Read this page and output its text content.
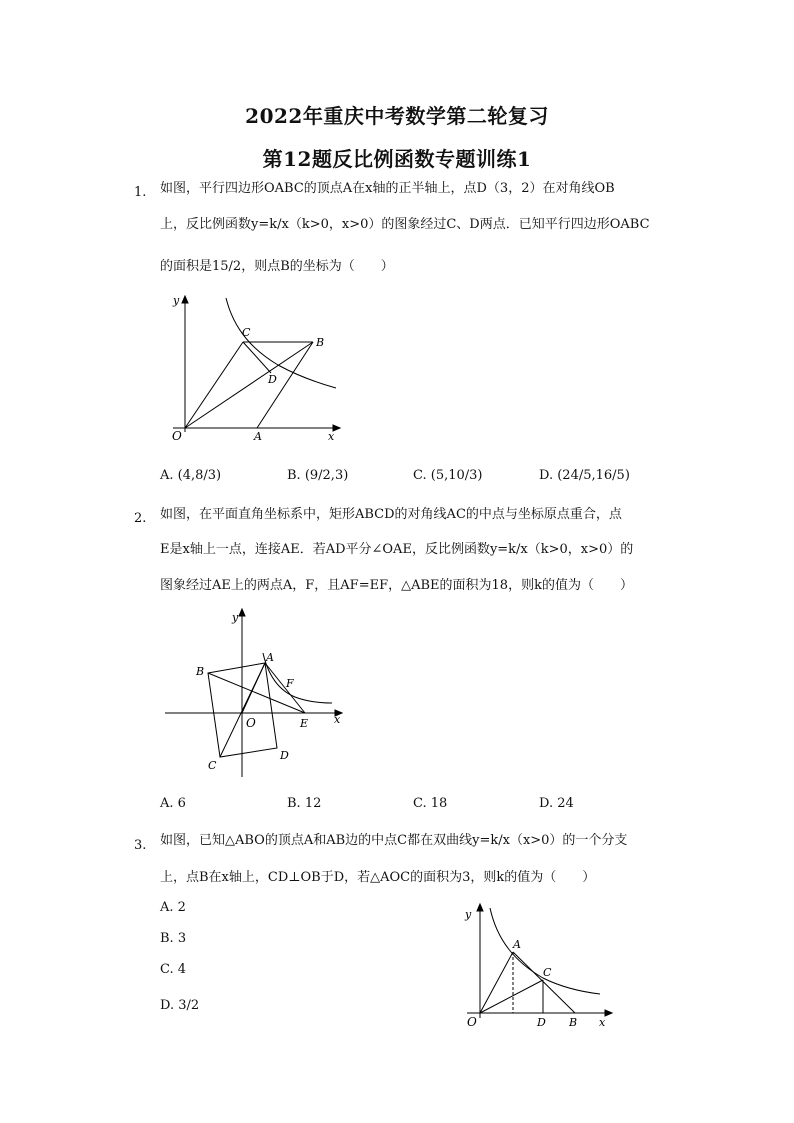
2022年重庆中考数学第二轮复习
第12题反比例函数专题训练1
1. 如图，平行四边形OABC的顶点A在x轴的正半轴上，点D（3，2）在对角线OB
上，反比例函数y=k/x（k>0，x>0）的图象经过C、D两点．已知平行四边形OABC
的面积是15/2，则点B的坐标为（　　）
y
x
O	A
B
C
D
A. (4,8/3)	B. (9/2,3)	C. (5,10/3)	D. (24/5,16/5)
2. 如图，在平面直角坐标系中，矩形ABCD的对角线AC的中点与坐标原点重合，点
E是x轴上一点，连接AE．若AD平分∠OAE，反比例函数y=k/x（k>0，x>0）的
图象经过AE上的两点A，F，且AF=EF，△ABE的面积为18，则k的值为（　　）
y
x
O
A
B
C
D
E
F
A. 6	B. 12	C. 18	D. 24
3. 如图，已知△ABO的顶点A和AB边的中点C都在双曲线y=k/x（x>0）的一个分支
上，点B在x轴上，CD⊥OB于D，若△AOC的面积为3，则k的值为（　　）
A. 2
B. 3
C. 4
D. 3/2
y
x
O
A
B
C
D
